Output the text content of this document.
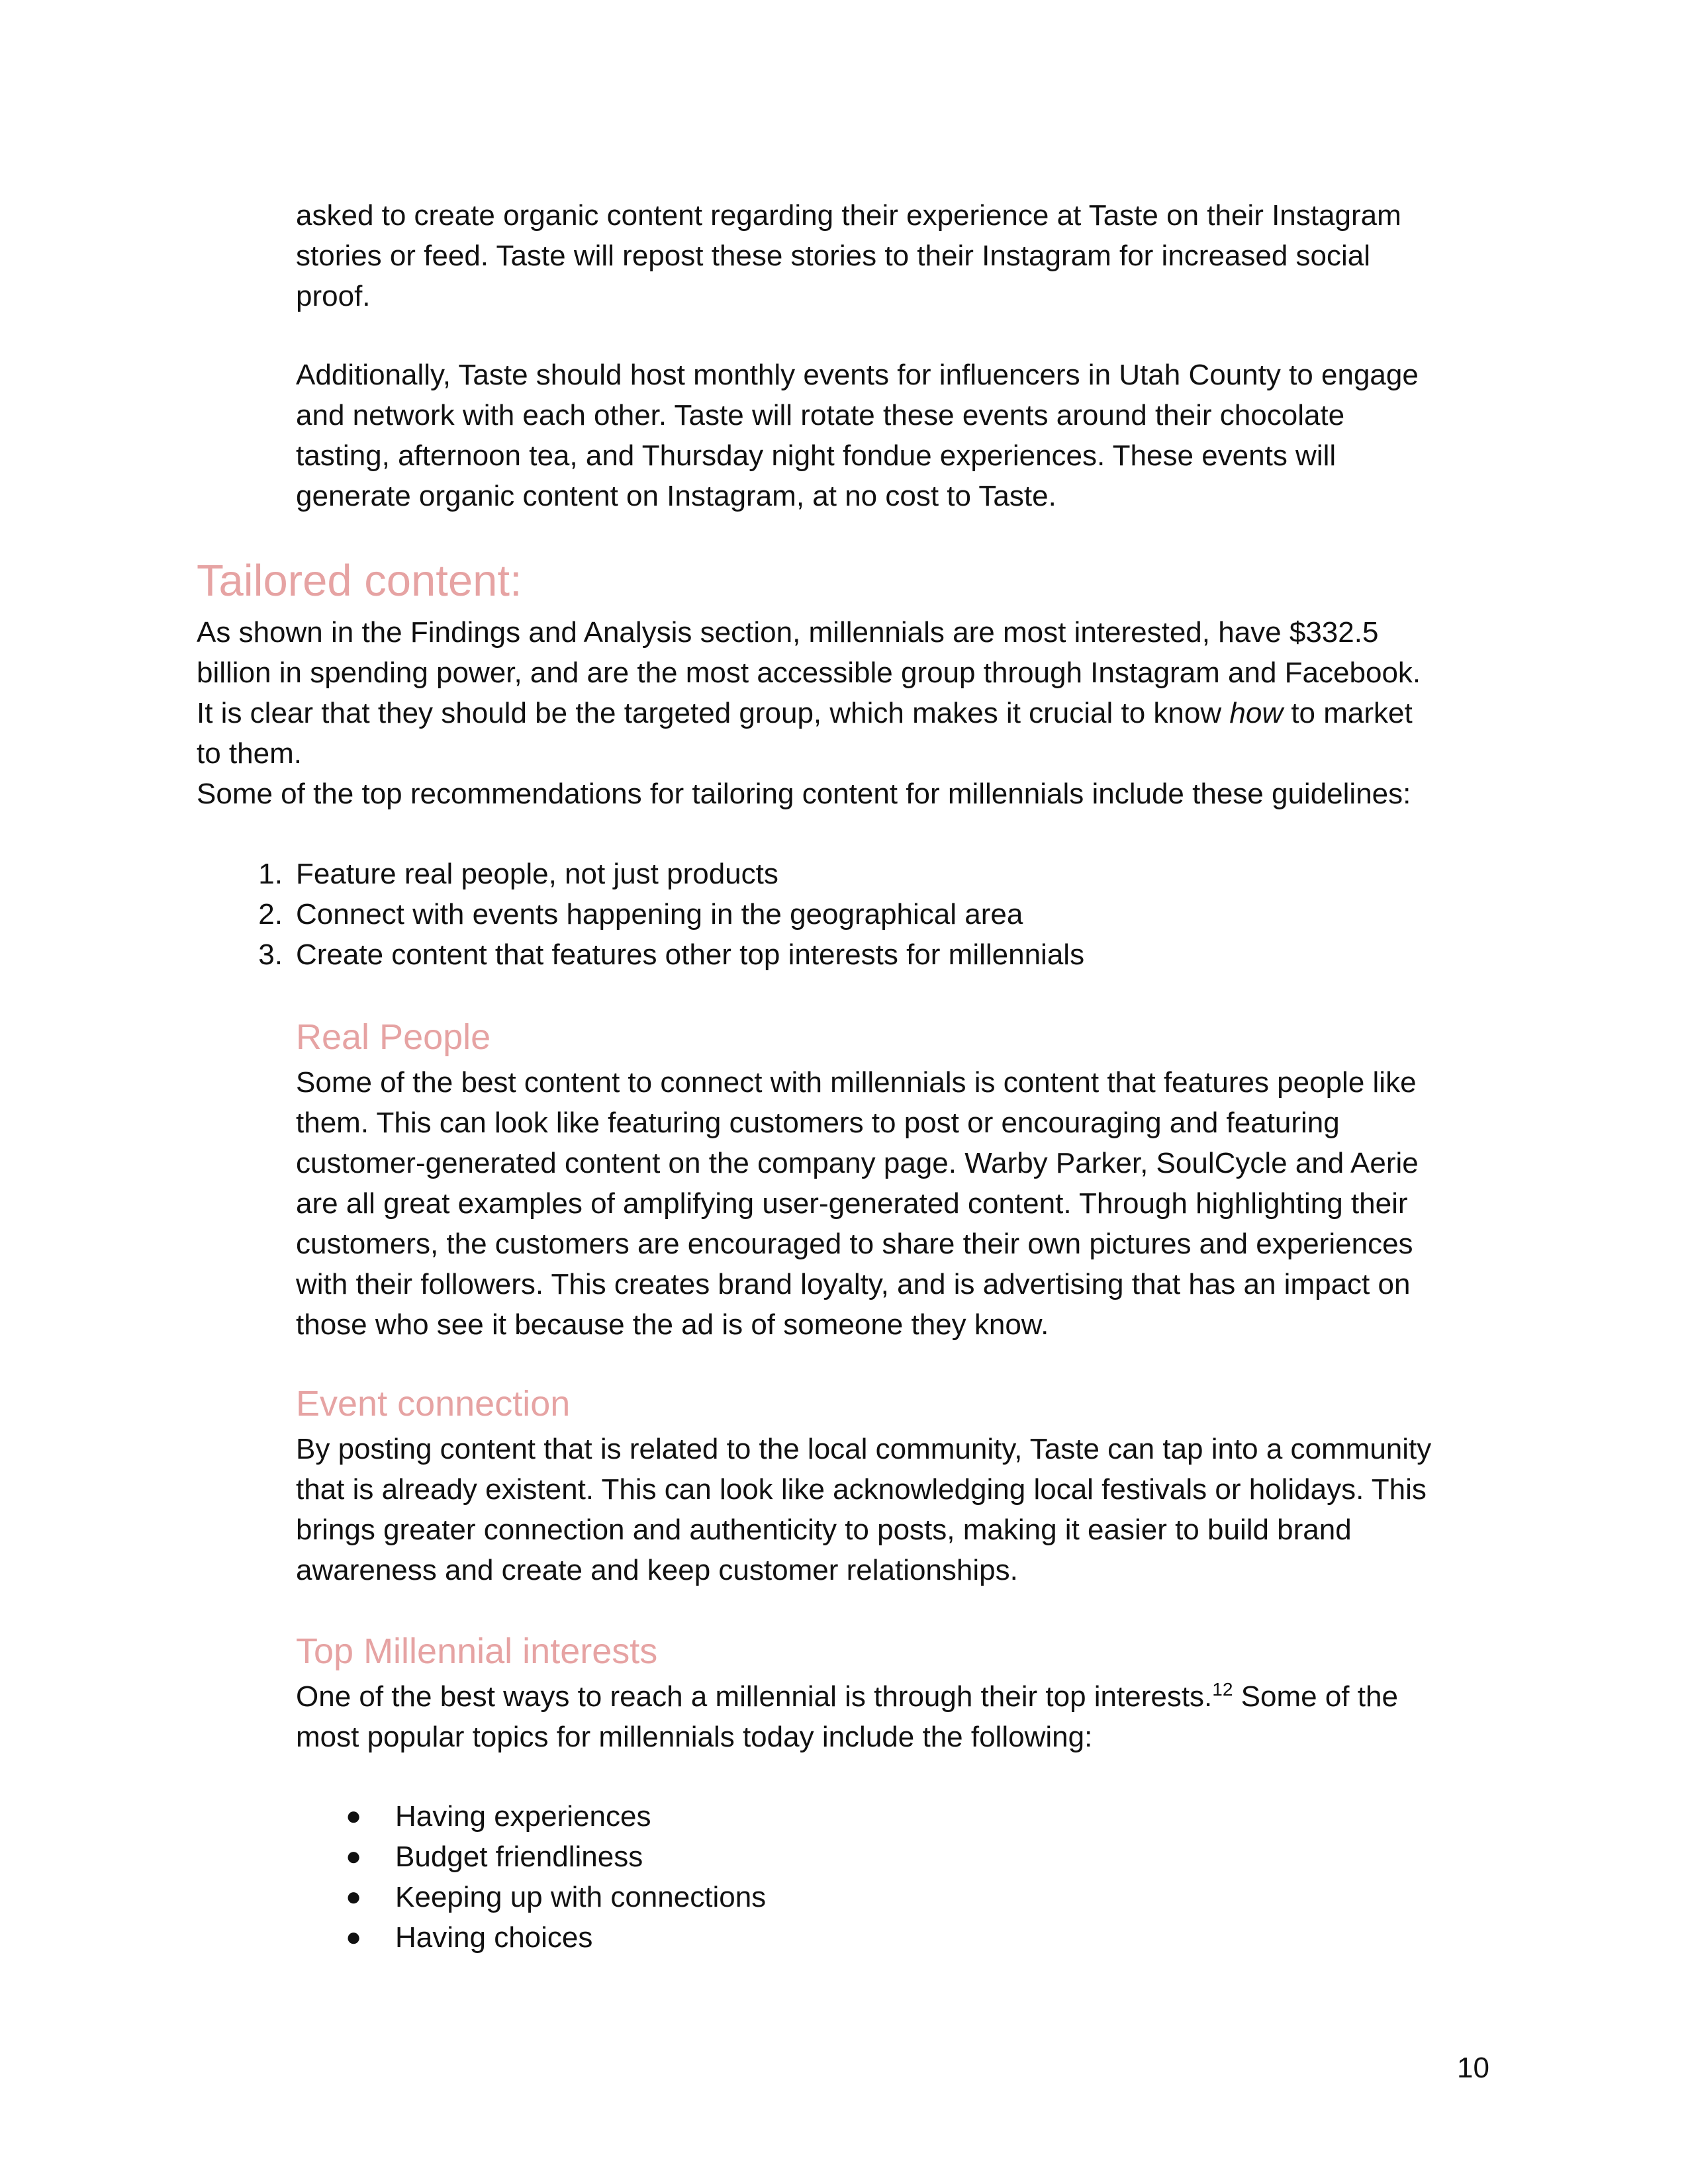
asked to create organic content regarding their experience at Taste on their Instagram
stories or feed. Taste will repost these stories to their Instagram for increased social
proof.

Additionally, Taste should host monthly events for influencers in Utah County to engage
and network with each other. Taste will rotate these events around their chocolate
tasting, afternoon tea, and Thursday night fondue experiences. These events will
generate organic content on Instagram, at no cost to Taste.

Tailored content:

As shown in the Findings and Analysis section, millennials are most interested, have $332.5
billion in spending power, and are the most accessible group through Instagram and Facebook.
It is clear that they should be the targeted group, which makes it crucial to know how to market
to them.
Some of the top recommendations for tailoring content for millennials include these guidelines:

1. Feature real people, not just products
2. Connect with events happening in the geographical area
3. Create content that features other top interests for millennials
Real People

Some of the best content to connect with millennials is content that features people like
them. This can look like featuring customers to post or encouraging and featuring
customer-generated content on the company page. Warby Parker, SoulCycle and Aerie
are all great examples of amplifying user-generated content. Through highlighting their
customers, the customers are encouraged to share their own pictures and experiences
with their followers. This creates brand loyalty, and is advertising that has an impact on
those who see it because the ad is of someone they know.

Event connection

By posting content that is related to the local community, Taste can tap into a community
that is already existent. This can look like acknowledging local festivals or holidays. This
brings greater connection and authenticity to posts, making it easier to build brand
awareness and create and keep customer relationships.

Top Millennial interests

One of the best ways to reach a millennial is through their top interests.$^{12}$ Some of the
most popular topics for millennials today include the following:

● Having experiences
● Budget friendliness
● Keeping up with connections
● Having choices
10
